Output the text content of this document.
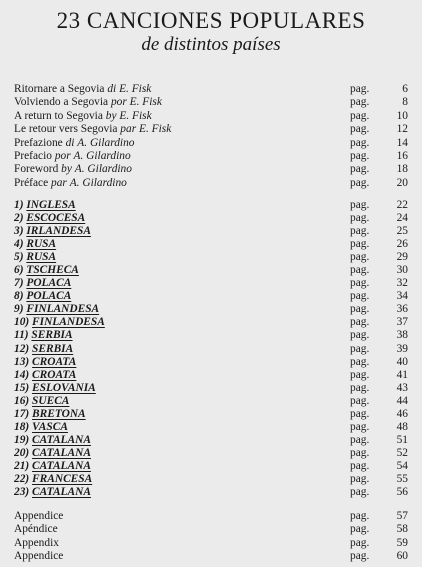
23 CANCIONES POPULARES
de distintos países
Ritornare a Segovia di E. Fisk	pag.	6
Volviendo a Segovia por E. Fisk	pag.	8
A return to Segovia by E. Fisk	pag.	10
Le retour vers Segovia par E. Fisk	pag.	12
Prefazione di A. Gilardino	pag.	14
Prefacio por A. Gilardino	pag.	16
Foreword by A. Gilardino	pag.	18
Préface par A. Gilardino	pag.	20
1) INGLESA	pag.	22
2) ESCOCESA	pag.	24
3) IRLANDESA	pag.	25
4) RUSA	pag.	26
5) RUSA	pag.	29
6) TSCHECA	pag.	30
7) POLACA	pag.	32
8) POLACA	pag.	34
9) FINLANDESA	pag.	36
10) FINLANDESA	pag.	37
11) SERBIA	pag.	38
12) SERBIA	pag.	39
13) CROATA	pag.	40
14) CROATA	pag.	41
15) ESLOVANIA	pag.	43
16) SUECA	pag.	44
17) BRETONA	pag.	46
18) VASCA	pag.	48
19) CATALANA	pag.	51
20) CATALANA	pag.	52
21) CATALANA	pag.	54
22) FRANCESA	pag.	55
23) CATALANA	pag.	56
Appendice	pag.	57
Apéndice	pag.	58
Appendix	pag.	59
Appendice	pag.	60
